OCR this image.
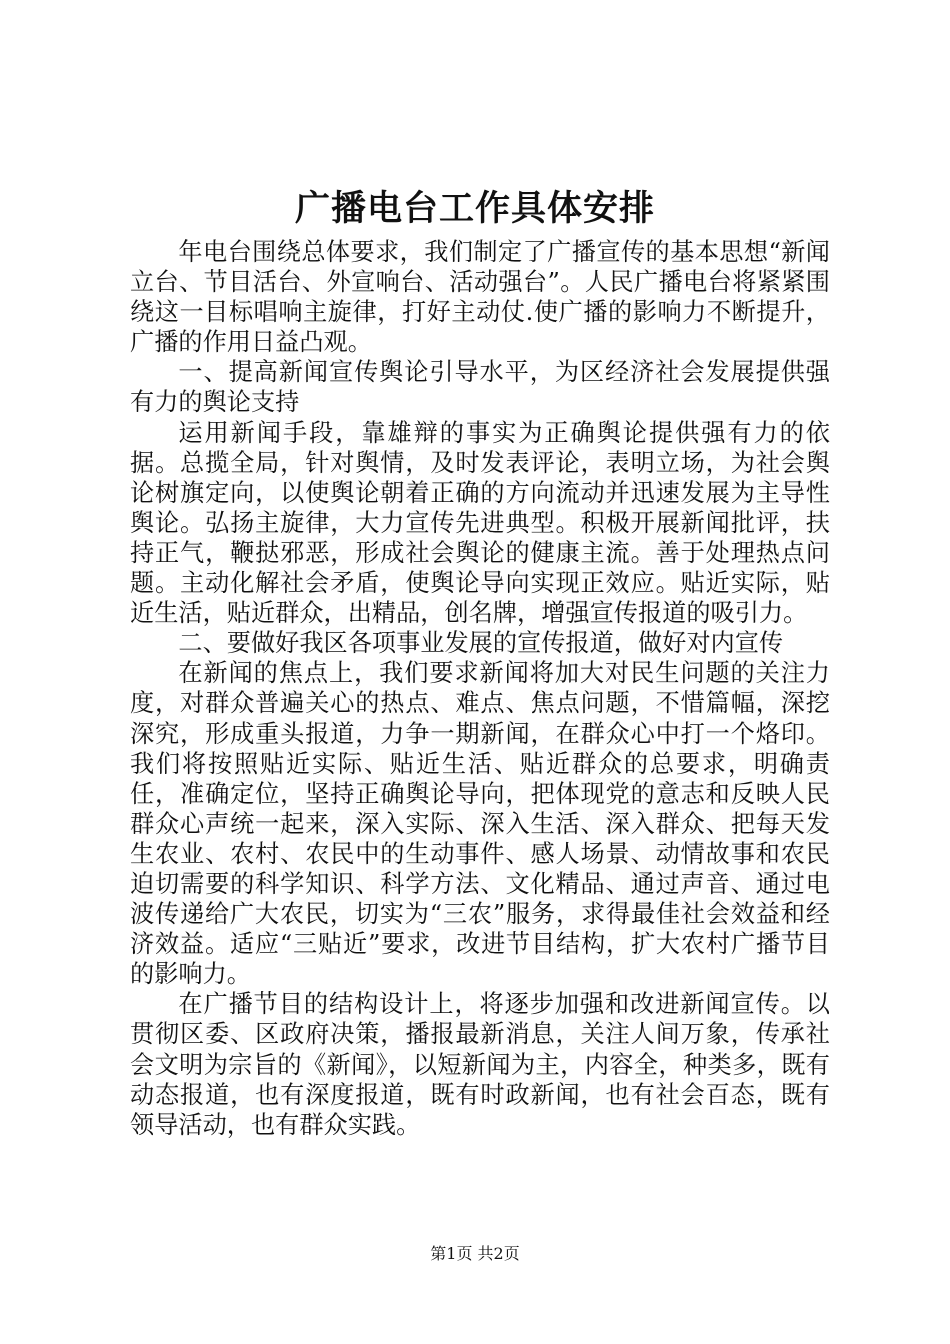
广播电台工作具体安排

年电台围绕总体要求，我们制定了广播宣传的基本思想“新闻立台、节目活台、外宣响台、活动强台”。人民广播电台将紧紧围绕这一目标唱响主旋律，打好主动仗.使广播的影响力不断提升，广播的作用日益凸观。

一、提高新闻宣传舆论引导水平，为区经济社会发展提供强有力的舆论支持

运用新闻手段，靠雄辩的事实为正确舆论提供强有力的依据。总揽全局，针对舆情，及时发表评论，表明立场，为社会舆论树旗定向，以使舆论朝着正确的方向流动并迅速发展为主导性舆论。弘扬主旋律，大力宣传先进典型。积极开展新闻批评，扶持正气，鞭挞邪恶，形成社会舆论的健康主流。善于处理热点问题。主动化解社会矛盾，使舆论导向实现正效应。贴近实际，贴近生活，贴近群众，出精品，创名牌，增强宣传报道的吸引力。

二、要做好我区各项事业发展的宣传报道，做好对内宣传

在新闻的焦点上，我们要求新闻将加大对民生问题的关注力度，对群众普遍关心的热点、难点、焦点问题，不惜篇幅，深挖深究，形成重头报道，力争一期新闻，在群众心中打一个烙印。我们将按照贴近实际、贴近生活、贴近群众的总要求，明确责任，准确定位，坚持正确舆论导向，把体现党的意志和反映人民群众心声统一起来，深入实际、深入生活、深入群众、把每天发生农业、农村、农民中的生动事件、感人场景、动情故事和农民迫切需要的科学知识、科学方法、文化精品、通过声音、通过电波传递给广大农民，切实为“三农”服务，求得最佳社会效益和经济效益。适应“三贴近”要求，改进节目结构，扩大农村广播节目的影响力。

在广播节目的结构设计上，将逐步加强和改进新闻宣传。以贯彻区委、区政府决策，播报最新消息，关注人间万象，传承社会文明为宗旨的《新闻》，以短新闻为主，内容全，种类多，既有动态报道，也有深度报道，既有时政新闻，也有社会百态，既有领导活动，也有群众实践。

第1页 共2页
